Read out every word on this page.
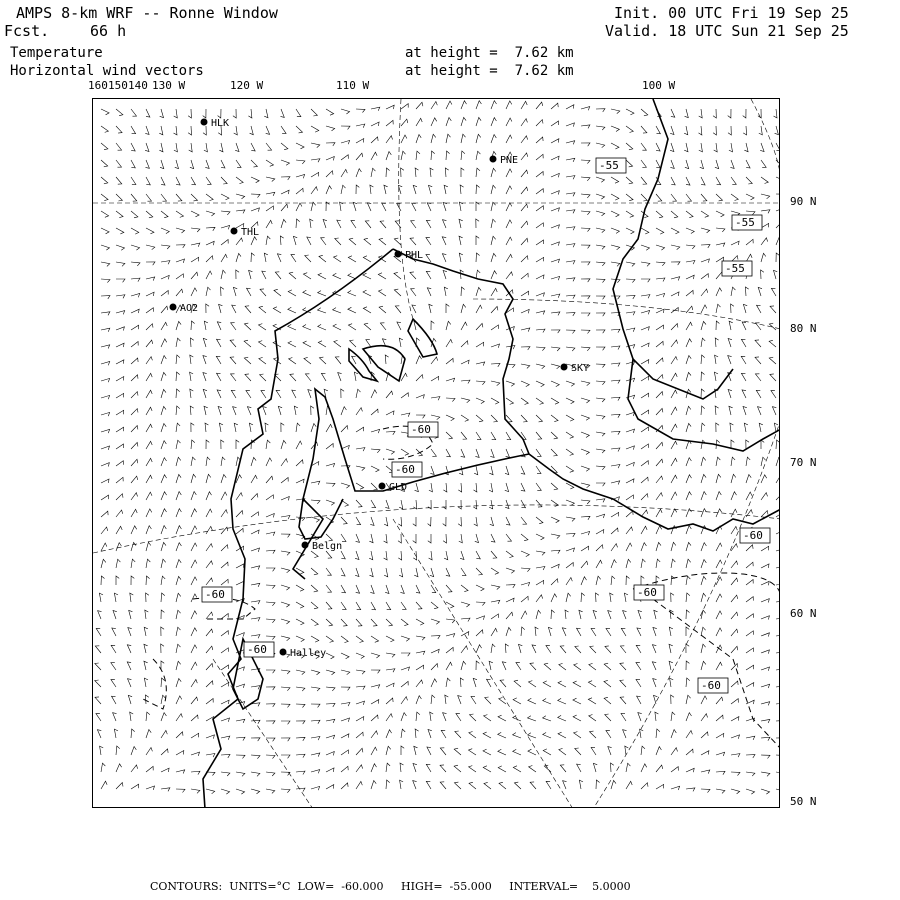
AMPS 8-km WRF -- Ronne Window
Fcst.	66 h
Temperature
Horizontal wind vectors
at height =  7.62 km
at height =  7.62 km
Init. 00 UTC Fri 19 Sep 25
Valid. 18 UTC Sun 21 Sep 25
160 150 140 130 W	120 W	110 W	100 W
90 N
80 N
70 N
60 N
50 N
HLK
PNE
THL
PHL
AO2
SKY
GLD
Belgn
Halley
-55
-55
-55
-60
-60
-60
-60
-60
-60
-60
CONTOURS: UNITS=°C LOW=  -60.000 HIGH=  -55.000 INTERVAL=    5.0000
